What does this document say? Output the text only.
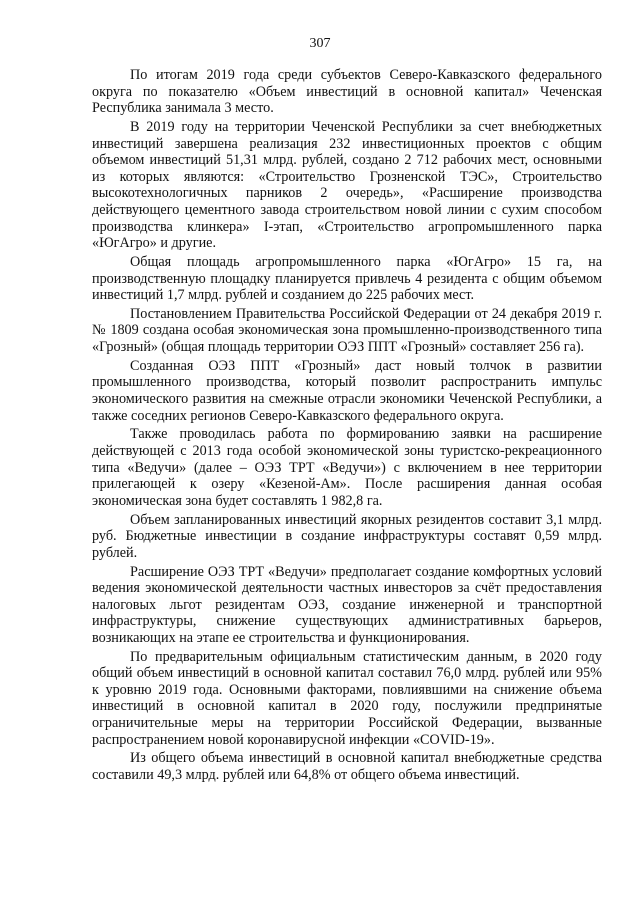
307

По итогам 2019 года среди субъектов Северо-Кавказского федерального округа по показателю «Объем инвестиций в основной капитал» Чеченская Республика занимала 3 место.

В 2019 году на территории Чеченской Республики за счет внебюджетных инвестиций завершена реализация 232 инвестиционных проектов с общим объемом инвестиций 51,31 млрд. рублей, создано 2 712 рабочих мест, основными из которых являются: «Строительство Грозненской ТЭС», Строительство высокотехнологичных парников 2 очередь», «Расширение производства действующего цементного завода строительством новой линии с сухим способом производства клинкера» I-этап, «Строительство агропромышленного парка «ЮгАгро» и другие.

Общая площадь агропромышленного парка «ЮгАгро» 15 га, на производственную площадку планируется привлечь 4 резидента с общим объемом инвестиций 1,7 млрд. рублей и созданием до 225 рабочих мест.

Постановлением Правительства Российской Федерации от 24 декабря 2019 г. № 1809 создана особая экономическая зона промышленно-производственного типа «Грозный» (общая площадь территории ОЭЗ ППТ «Грозный» составляет 256 га).

Созданная ОЭЗ ППТ «Грозный» даст новый толчок в развитии промышленного производства, который позволит распространить импульс экономического развития на смежные отрасли экономики Чеченской Республики, а также соседних регионов Северо-Кавказского федерального округа.

Также проводилась работа по формированию заявки на расширение действующей с 2013 года особой экономической зоны туристско-рекреационного типа «Ведучи» (далее – ОЭЗ ТРТ «Ведучи») с включением в нее территории прилегающей к озеру «Кезеной-Ам». После расширения данная особая экономическая зона будет составлять 1 982,8 га.

Объем запланированных инвестиций якорных резидентов составит 3,1 млрд. руб. Бюджетные инвестиции в создание инфраструктуры составят 0,59 млрд. рублей.

Расширение ОЭЗ ТРТ «Ведучи» предполагает создание комфортных условий ведения экономической деятельности частных инвесторов за счёт предоставления налоговых льгот резидентам ОЭЗ, создание инженерной и транспортной инфраструктуры, снижение существующих административных барьеров, возникающих на этапе ее строительства и функционирования.

По предварительным официальным статистическим данным, в 2020 году общий объем инвестиций в основной капитал составил 76,0 млрд. рублей или 95% к уровню 2019 года. Основными факторами, повлиявшими на снижение объема инвестиций в основной капитал в 2020 году, послужили предпринятые ограничительные меры на территории Российской Федерации, вызванные распространением новой коронавирусной инфекции «COVID-19».

Из общего объема инвестиций в основной капитал внебюджетные средства составили 49,3 млрд. рублей или 64,8% от общего объема инвестиций.
